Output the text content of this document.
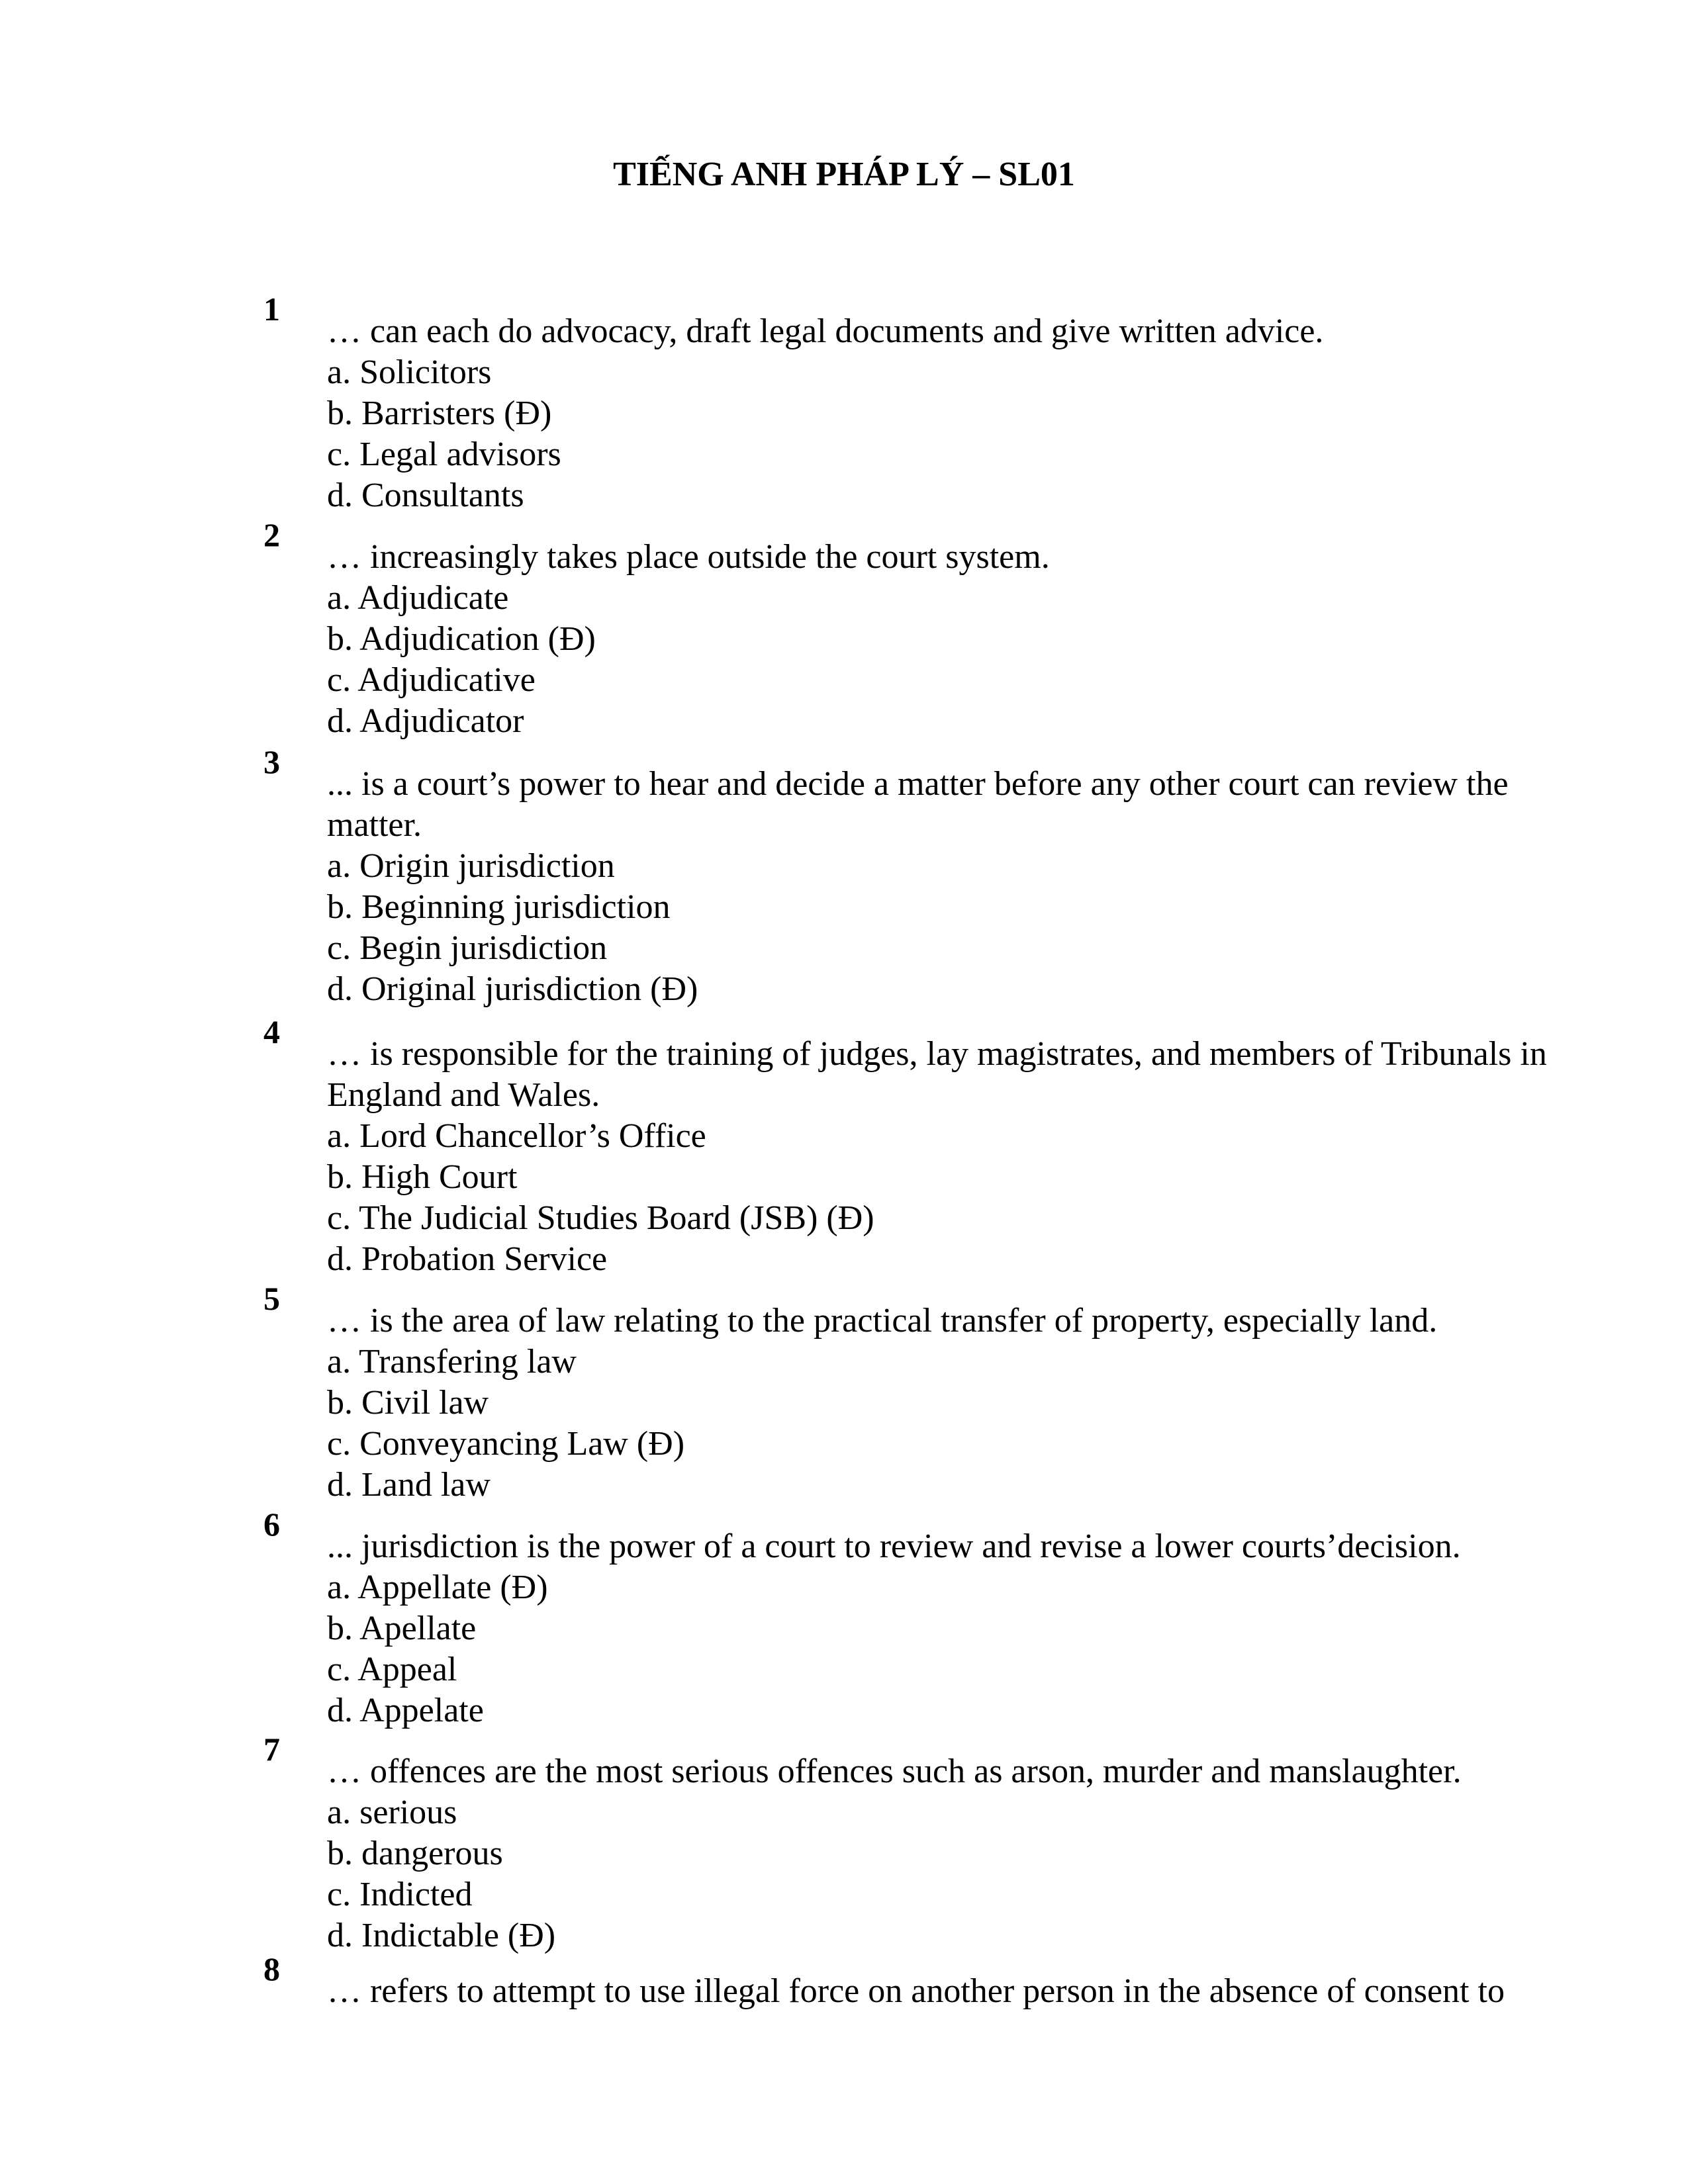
TIẾNG ANH PHÁP LÝ – SL01
1
… can each do advocacy, draft legal documents and give written advice.
a. Solicitors
b. Barristers (Đ)
c. Legal advisors
d. Consultants
2
… increasingly takes place outside the court system.
a. Adjudicate
b. Adjudication (Đ)
c. Adjudicative
d. Adjudicator
3
... is a court’s power to hear and decide a matter before any other court can review the matter.
a. Origin jurisdiction
b. Beginning jurisdiction
c. Begin jurisdiction
d. Original jurisdiction (Đ)
4
… is responsible for the training of judges, lay magistrates, and members of Tribunals in England and Wales.
a. Lord Chancellor’s Office
b. High Court
c. The Judicial Studies Board (JSB) (Đ)
d. Probation Service
5
… is the area of law relating to the practical transfer of property, especially land.
a. Transfering law
b. Civil law
c. Conveyancing Law (Đ)
d. Land law
6
... jurisdiction is the power of a court to review and revise a lower courts’decision.
a. Appellate (Đ)
b. Apellate
c. Appeal
d. Appelate
7
… offences are the most serious offences such as arson, murder and manslaughter.
a. serious
b. dangerous
c. Indicted
d. Indictable (Đ)
8
… refers to attempt to use illegal force on another person in the absence of consent to
